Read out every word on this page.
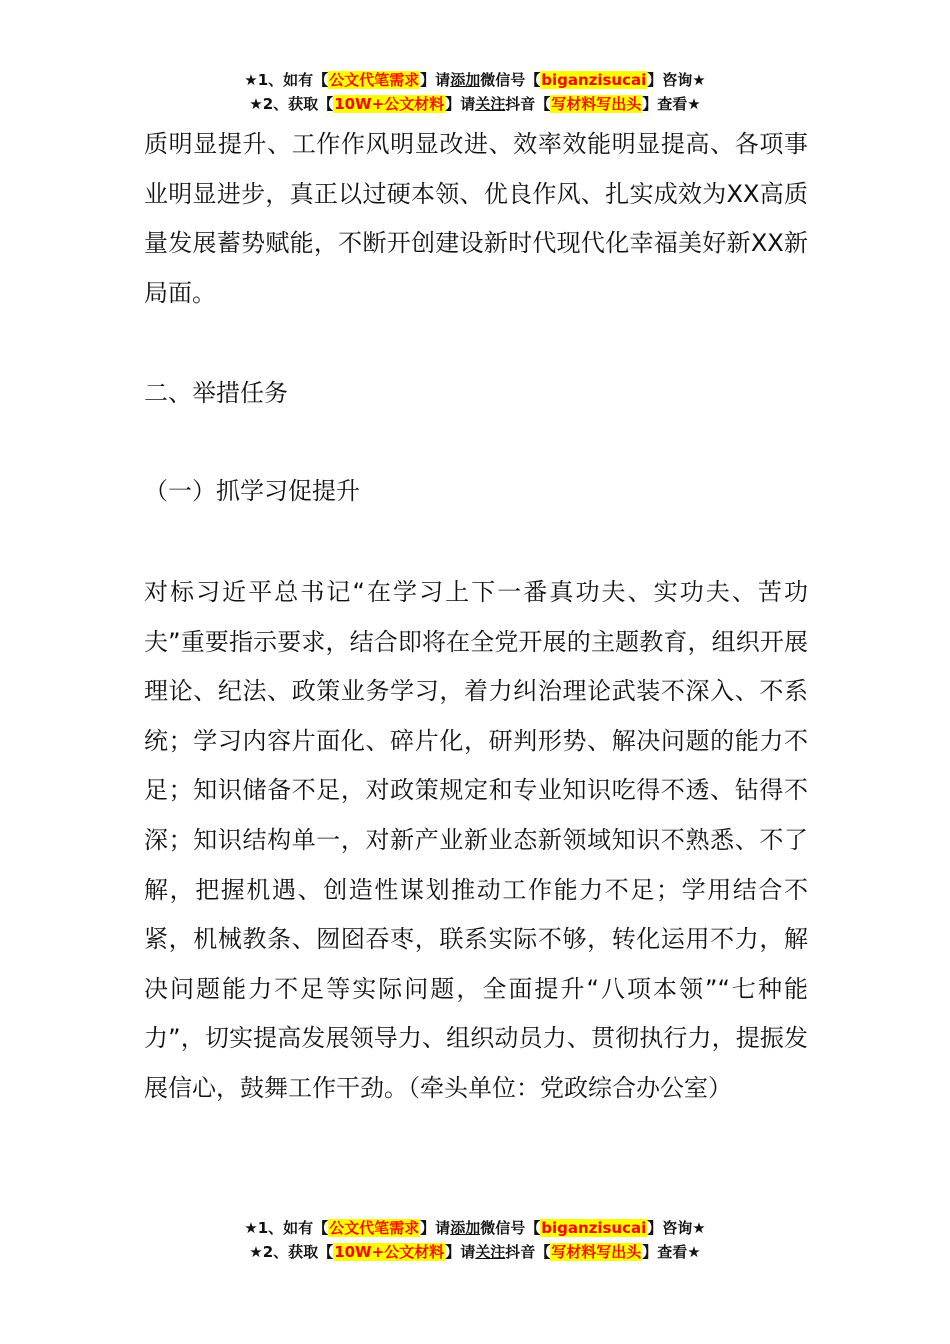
★1、如有【公文代笔需求】请添加微信号【biganzisucai】咨询★
★2、获取【10W+公文材料】请关注抖音【写材料写出头】查看★

质明显提升、工作作风明显改进、效率效能明显提高、各项事业明显进步，真正以过硬本领、优良作风、扎实成效为XX高质量发展蓄势赋能，不断开创建设新时代现代化幸福美好新XX新局面。

二、举措任务

（一）抓学习促提升

对标习近平总书记“在学习上下一番真功夫、实功夫、苦功夫”重要指示要求，结合即将在全党开展的主题教育，组织开展理论、纪法、政策业务学习，着力纠治理论武装不深入、不系统；学习内容片面化、碎片化，研判形势、解决问题的能力不足；知识储备不足，对政策规定和专业知识吃得不透、钻得不深；知识结构单一，对新产业新业态新领域知识不熟悉、不了解，把握机遇、创造性谋划推动工作能力不足；学用结合不紧，机械教条、囫囵吞枣，联系实际不够，转化运用不力，解决问题能力不足等实际问题，全面提升“八项本领”“七种能力”，切实提高发展领导力、组织动员力、贯彻执行力，提振发展信心，鼓舞工作干劲。（牵头单位：党政综合办公室）

★1、如有【公文代笔需求】请添加微信号【biganzisucai】咨询★
★2、获取【10W+公文材料】请关注抖音【写材料写出头】查看★
